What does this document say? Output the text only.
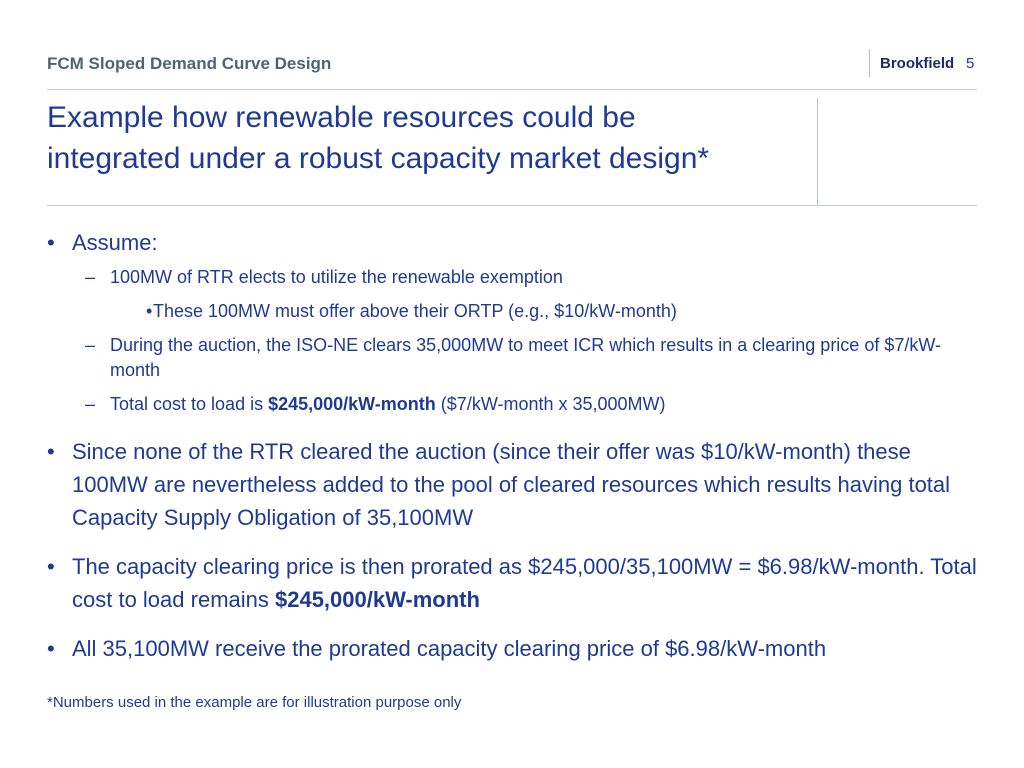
FCM Sloped Demand Curve Design	Brookfield 5
Example how renewable resources could be
integrated under a robust capacity market design*
• Assume:
– 100MW of RTR elects to utilize the renewable exemption
• These 100MW must offer above their ORTP (e.g., $10/kW-month)
– During the auction, the ISO-NE clears 35,000MW to meet ICR which results in a clearing price of $7/kW-month
– Total cost to load is $245,000/kW-month ($7/kW-month x 35,000MW)
• Since none of the RTR cleared the auction (since their offer was $10/kW-month) these 100MW are nevertheless added to the pool of cleared resources which results having total Capacity Supply Obligation of 35,100MW
• The capacity clearing price is then prorated as $245,000/35,100MW = $6.98/kW-month. Total cost to load remains $245,000/kW-month
• All 35,100MW receive the prorated capacity clearing price of $6.98/kW-month
*Numbers used in the example are for illustration purpose only
